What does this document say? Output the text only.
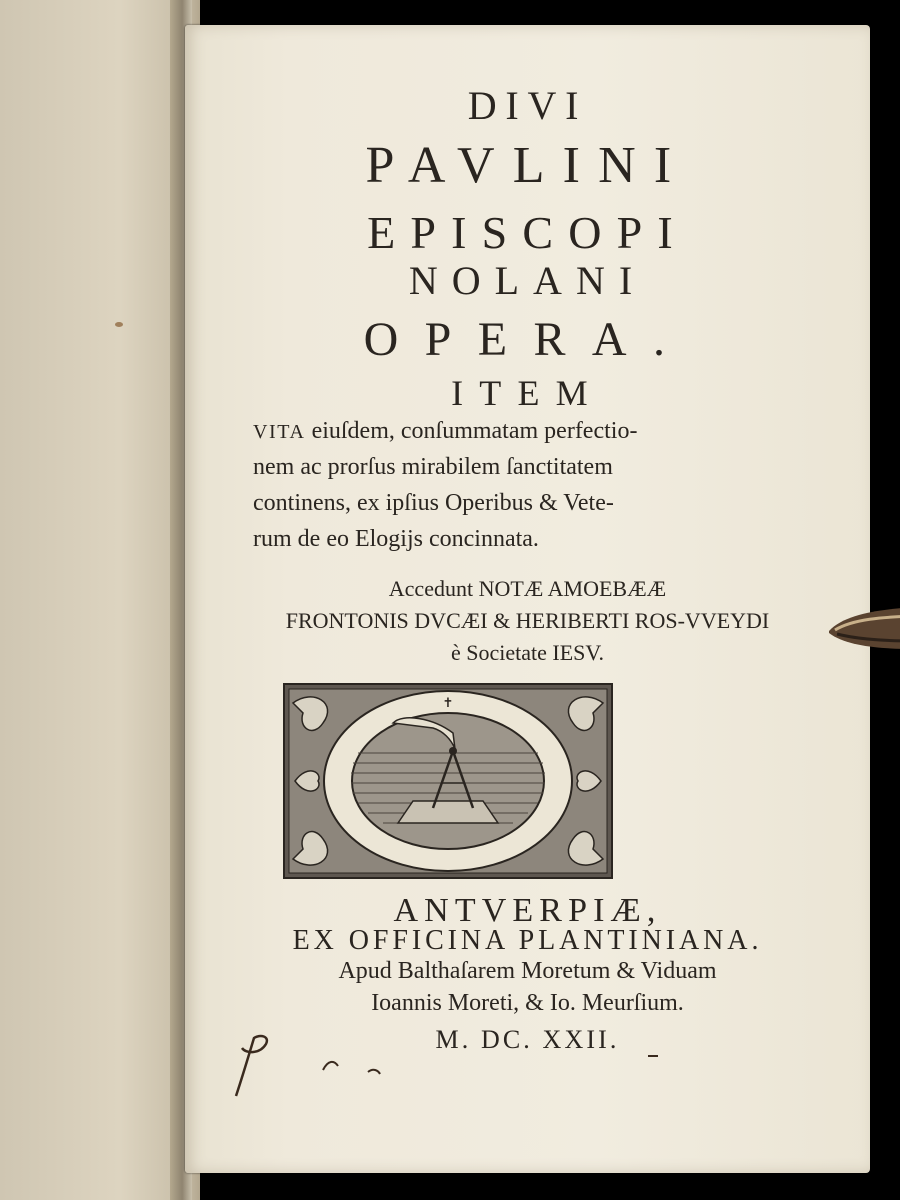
DIVI
PAVLINI
EPISCOPI
NOLANI
OPERA.
ITEM
VITA eiuſdem, conſummatam perfectio-
nem ac prorſus mirabilem ſanctitatem
continens, ex ipſius Operibus & Vete-
rum de eo Elogijs concinnata.
Accedunt NOTÆ AMOEBÆÆ
FRONTONIS DVCÆI & HERIBERTI ROS-VVEYDI
è Societate IESV.
✝
ANTVERPIÆ,
EX OFFICINA PLANTINIANA.
Apud Balthaſarem Moretum & Viduam
Ioannis Moreti, & Io. Meurſium.
M. DC. XXII.
